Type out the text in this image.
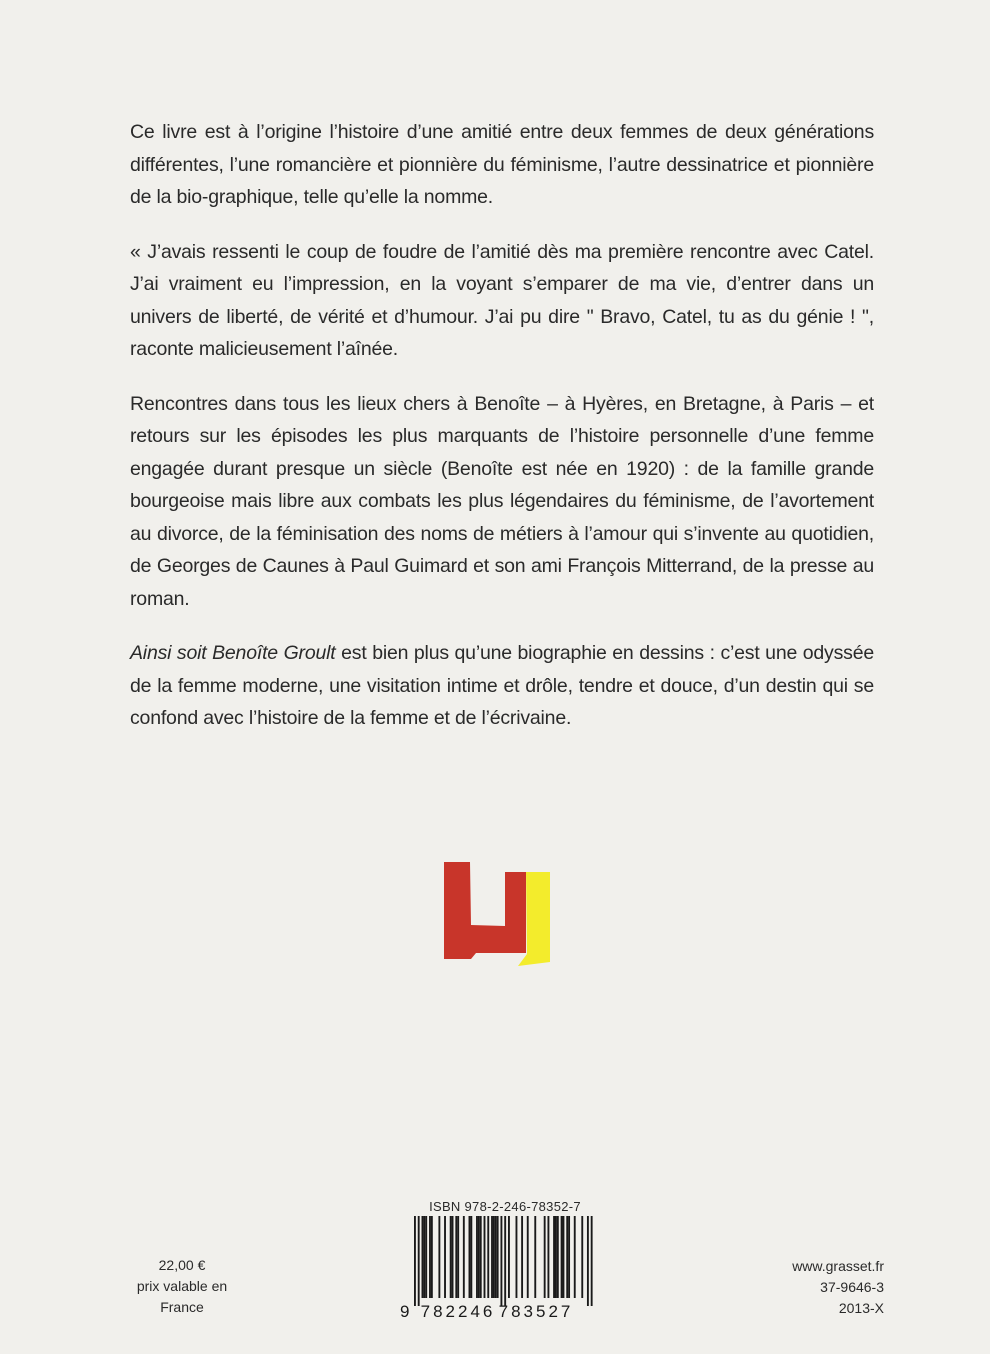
Ce livre est à l’origine l’histoire d’une amitié entre deux femmes de deux générations différentes, l’une romancière et pionnière du féminisme, l’autre dessinatrice et pionnière de la bio-graphique, telle qu’elle la nomme.

« J’avais ressenti le coup de foudre de l’amitié dès ma première rencontre avec Catel. J’ai vraiment eu l’impression, en la voyant s’emparer de ma vie, d’entrer dans un univers de liberté, de vérité et d’humour. J’ai pu dire " Bravo, Catel, tu as du génie ! ", raconte malicieusement l’aînée.

Rencontres dans tous les lieux chers à Benoîte – à Hyères, en Bretagne, à Paris – et retours sur les épisodes les plus marquants de l’histoire personnelle d’une femme engagée durant presque un siècle (Benoîte est née en 1920) : de la famille grande bourgeoise mais libre aux combats les plus légendaires du féminisme, de l’avortement au divorce, de la féminisation des noms de métiers à l’amour qui s’invente au quotidien, de Georges de Caunes à Paul Guimard et son ami François Mitterrand, de la presse au roman.

Ainsi soit Benoîte Groult est bien plus qu’une biographie en dessins : c’est une odyssée de la femme moderne, une visitation intime et drôle, tendre et douce, d’un destin qui se confond avec l’histoire de la femme et de l’écrivaine.

ISBN 978-2-246-78352-7
9 782246 783527
22,00 €
prix valable en
France
www.grasset.fr
37-9646-3
2013-X
